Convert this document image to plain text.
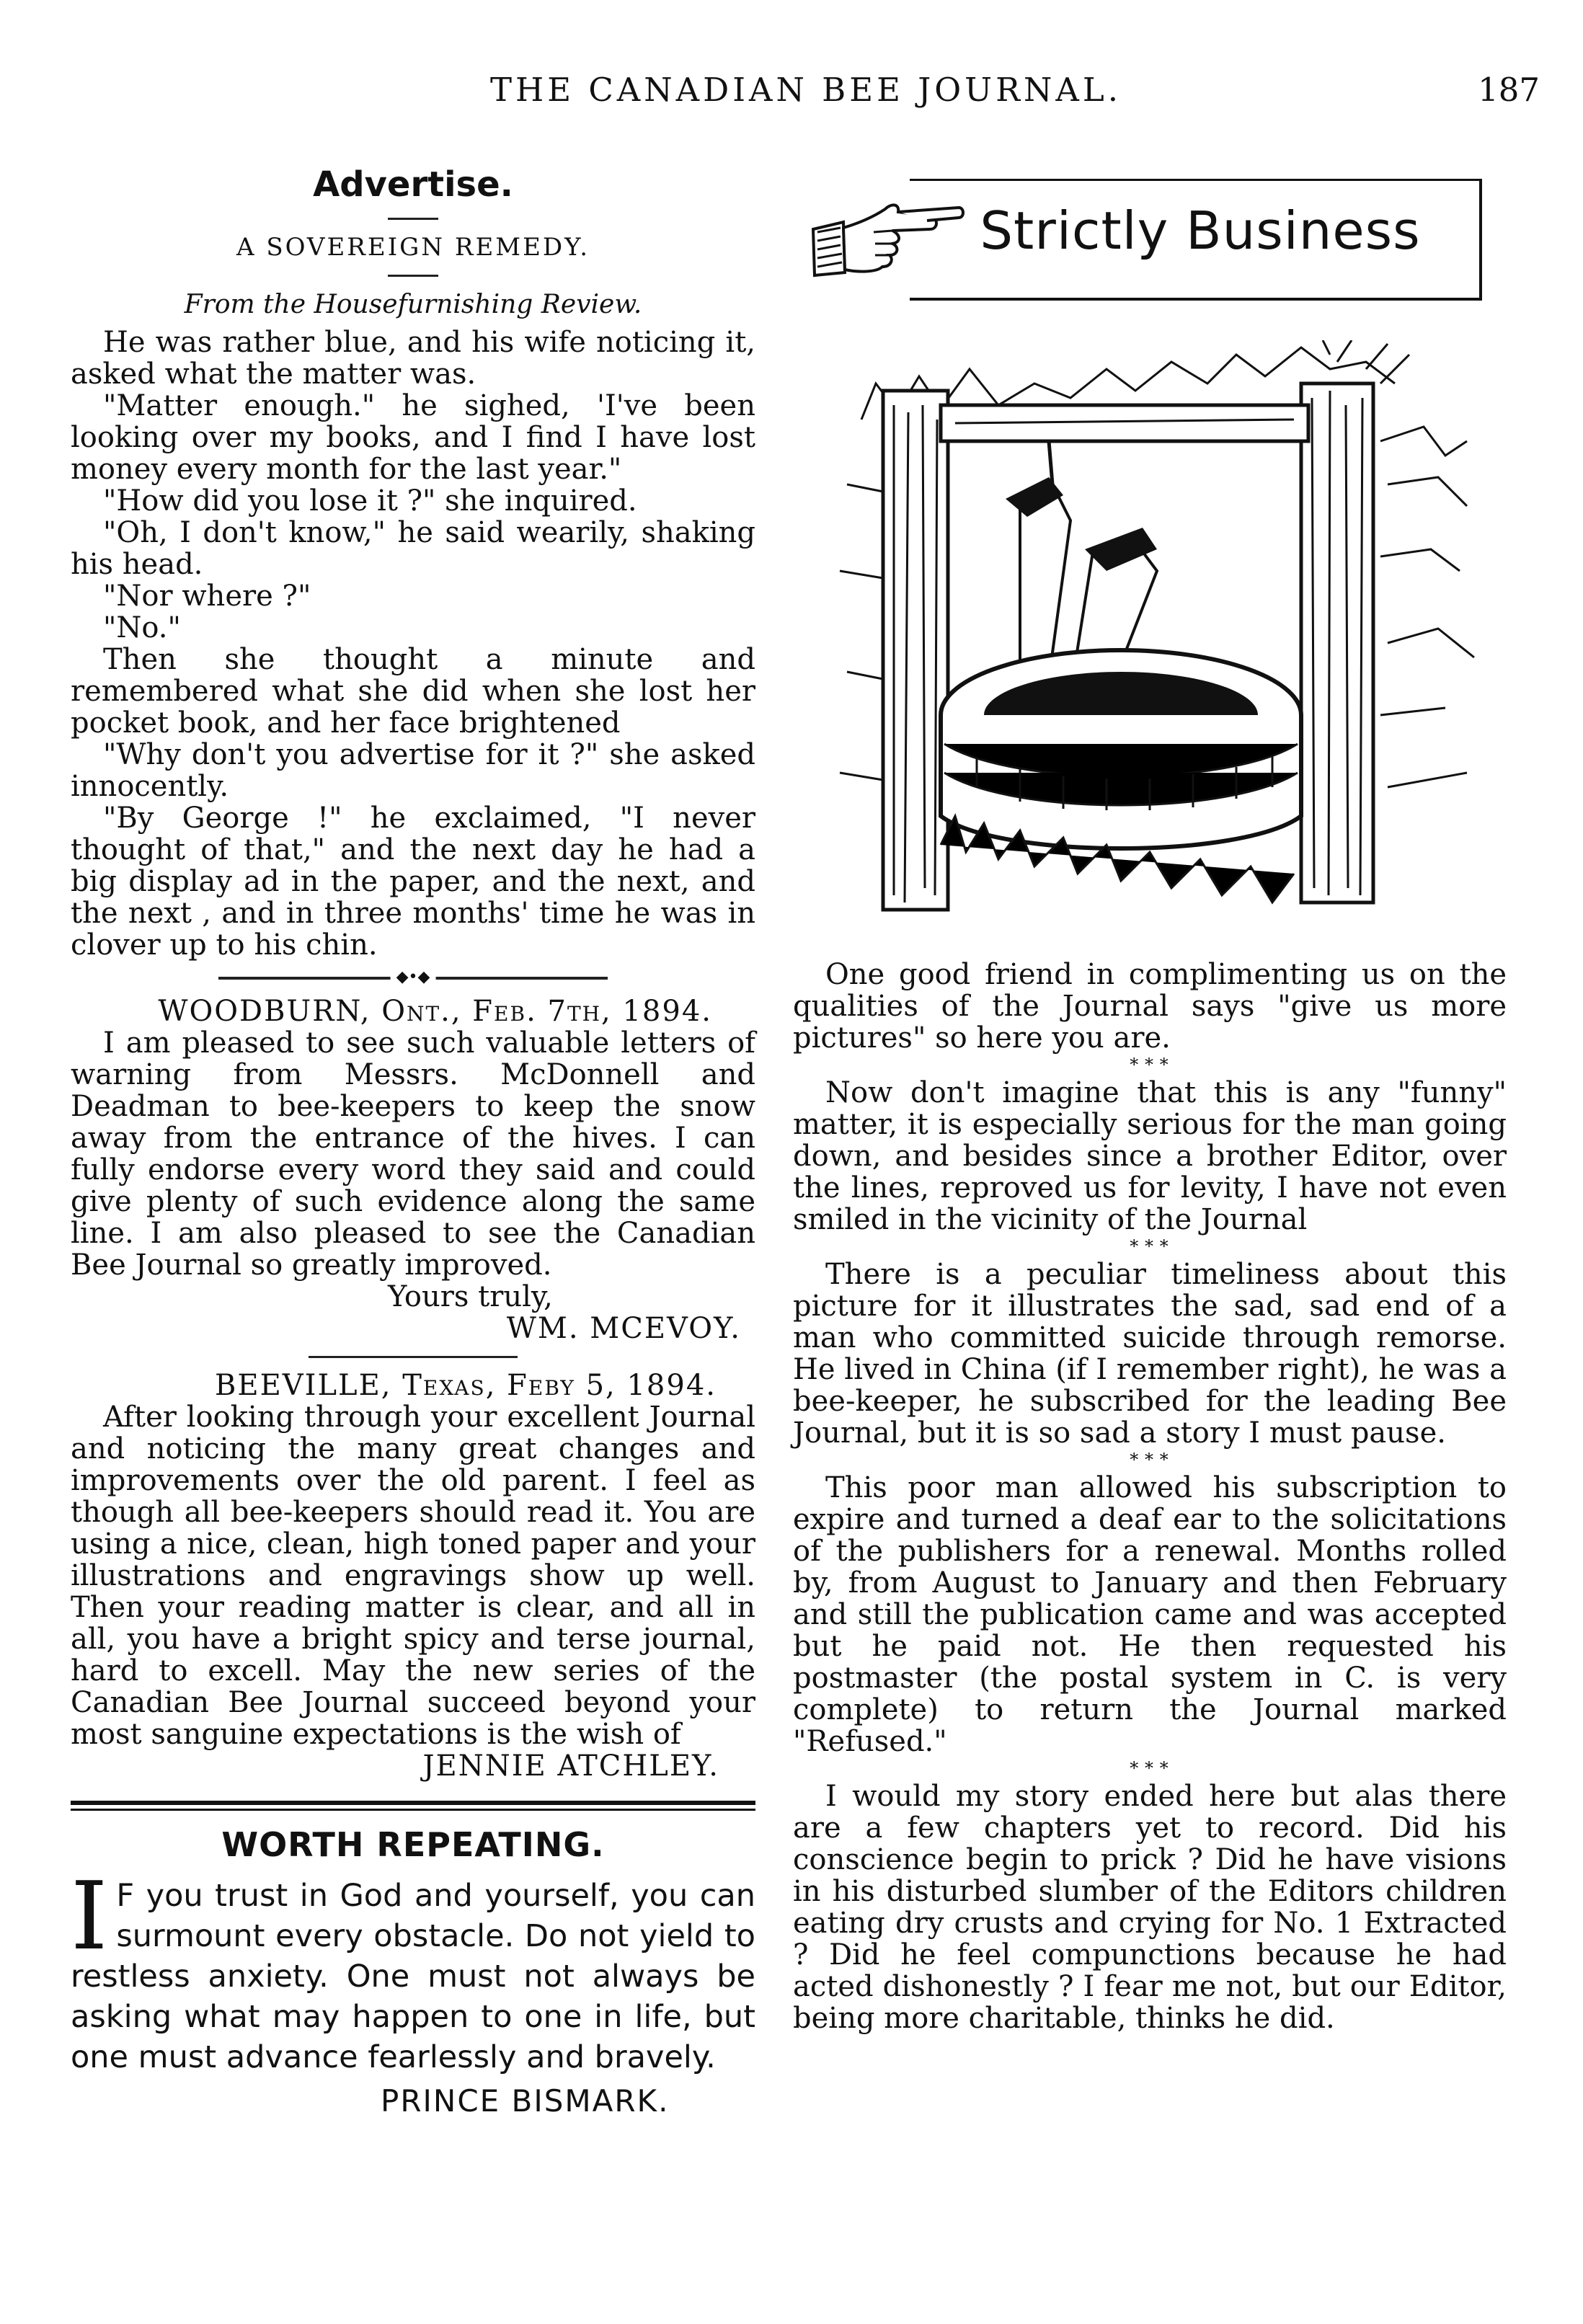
THE CANADIAN BEE JOURNAL.	187
Advertise.
A SOVEREIGN REMEDY.
From the Housefurnishing Review.

He was rather blue, and his wife noticing it, asked what the matter was.

"Matter enough." he sighed, 'I've been looking over my books, and I find I have lost money every month for the last year."

"How did you lose it ?" she inquired.

"Oh, I don't know," he said wearily, shaking his head.

"Nor where ?"

"No."

Then she thought a minute and remembered what she did when she lost her pocket book, and her face brightened

"Why don't you advertise for it ?" she asked innocently.

"By George !" he exclaimed, "I never thought of that," and the next day he had a big display ad in the paper, and the next, and the next , and in three months' time he was in clover up to his chin.

◆•◆

WOODBURN, Ont., Feb. 7th, 1894.

I am pleased to see such valuable letters of warning from Messrs. McDonnell and Deadman to bee-keepers to keep the snow away from the entrance of the hives. I can fully endorse every word they said and could give plenty of such evidence along the same line. I am also pleased to see the Canadian Bee Journal so greatly improved.

Yours truly,

WM. MCEVOY.

BEEVILLE, Texas, Feby 5, 1894.

After looking through your excellent Journal and noticing the many great changes and improvements over the old parent. I feel as though all bee-keepers should read it. You are using a nice, clean, high toned paper and your illustrations and engravings show up well. Then your reading matter is clear, and all in all, you have a bright spicy and terse journal, hard to excell. May the new series of the Canadian Bee Journal succeed beyond your most sanguine expectations is the wish of

JENNIE ATCHLEY.

WORTH REPEATING.
I F you trust in God and yourself, you can surmount every obstacle. Do not yield to restless anxiety. One must not always be asking what may happen to one in life, but one must advance fearlessly and bravely.
PRINCE BISMARK.
Strictly Business

One good friend in complimenting us on the qualities of the Journal says "give us more pictures" so here you are.

* * *

Now don't imagine that this is any "funny" matter, it is especially serious for the man going down, and besides since a brother Editor, over the lines, reproved us for levity, I have not even smiled in the vicinity of the Journal

* * *

There is a peculiar timeliness about this picture for it illustrates the sad, sad end of a man who committed suicide through remorse. He lived in China (if I remember right), he was a bee-keeper, he subscribed for the leading Bee Journal, but it is so sad a story I must pause.

* * *

This poor man allowed his subscription to expire and turned a deaf ear to the solicitations of the publishers for a renewal. Months rolled by, from August to January and then February and still the publication came and was accepted but he paid not. He then requested his postmaster (the postal system in C. is very complete) to return the Journal marked "Refused."

* * *

I would my story ended here but alas there are a few chapters yet to record. Did his conscience begin to prick ? Did he have visions in his disturbed slumber of the Editors children eating dry crusts and crying for No. 1 Extracted ? Did he feel compunctions because he had acted dishonestly ? I fear me not, but our Editor, being more charitable, thinks he did.
